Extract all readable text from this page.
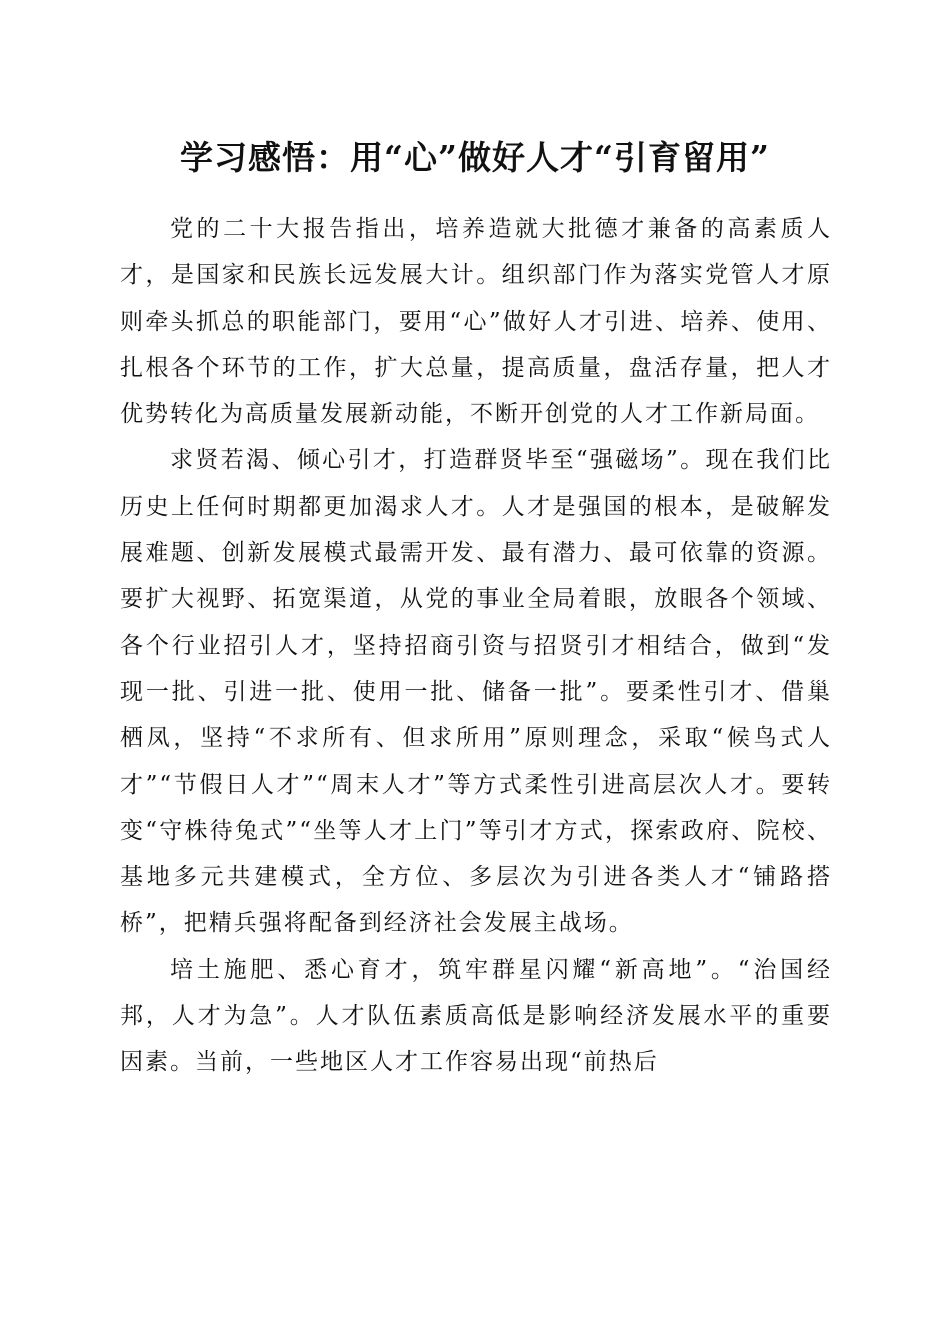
学习感悟：用“心”做好人才“引育留用”

党的二十大报告指出，培养造就大批德才兼备的高素质人才，是国家和民族长远发展大计。组织部门作为落实党管人才原则牵头抓总的职能部门，要用“心”做好人才引进、培养、使用、扎根各个环节的工作，扩大总量，提高质量，盘活存量，把人才优势转化为高质量发展新动能，不断开创党的人才工作新局面。

求贤若渴、倾心引才，打造群贤毕至“强磁场”。现在我们比历史上任何时期都更加渴求人才。人才是强国的根本，是破解发展难题、创新发展模式最需开发、最有潜力、最可依靠的资源。要扩大视野、拓宽渠道，从党的事业全局着眼，放眼各个领域、各个行业招引人才，坚持招商引资与招贤引才相结合，做到“发现一批、引进一批、使用一批、储备一批”。要柔性引才、借巢栖凤，坚持“不求所有、但求所用”原则理念，采取“候鸟式人才”“节假日人才”“周末人才”等方式柔性引进高层次人才。要转变“守株待兔式”“坐等人才上门”等引才方式，探索政府、院校、基地多元共建模式，全方位、多层次为引进各类人才“铺路搭桥”，把精兵强将配备到经济社会发展主战场。

培土施肥、悉心育才，筑牢群星闪耀“新高地”。“治国经邦，人才为急”。人才队伍素质高低是影响经济发展水平的重要因素。当前，一些地区人才工作容易出现“前热后
